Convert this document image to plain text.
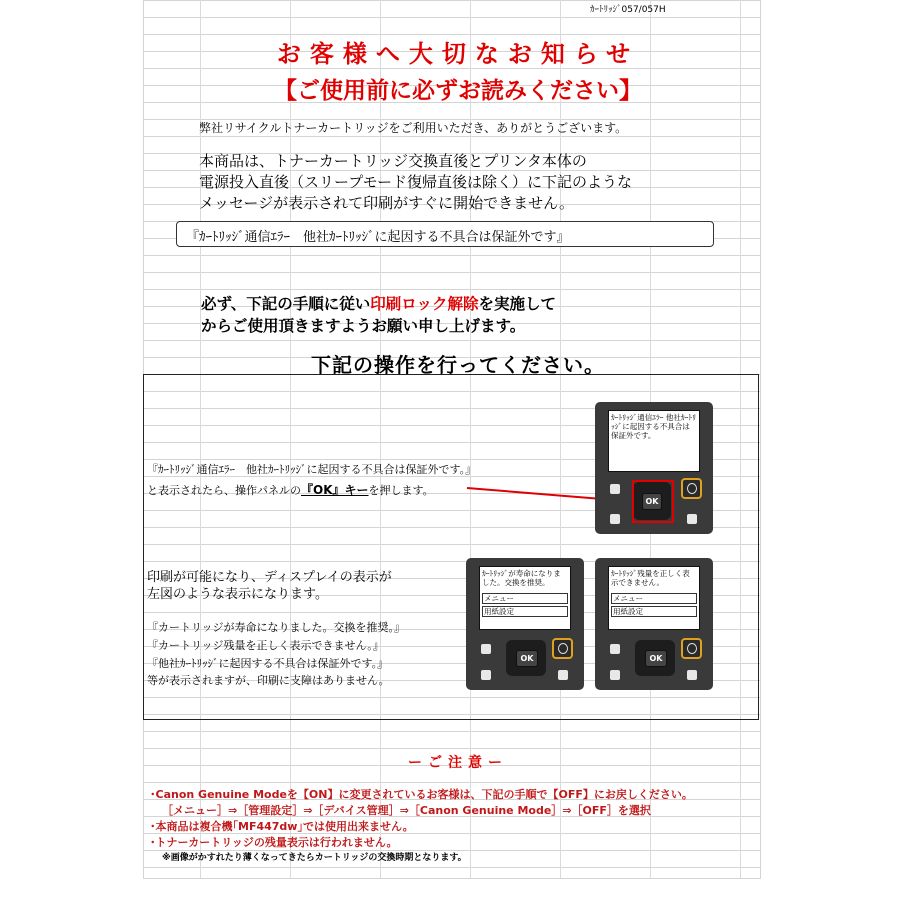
ｶｰﾄﾘｯｼﾞ057/057H
お客様へ大切なお知らせ
【ご使用前に必ずお読みください】
弊社リサイクルトナーカートリッジをご利用いただき、ありがとうございます。
本商品は、トナーカートリッジ交換直後とプリンタ本体の
電源投入直後（スリープモード復帰直後は除く）に下記のような
メッセージが表示されて印刷がすぐに開始できません。
『ｶｰﾄﾘｯｼﾞ通信ｴﾗｰ　他社ｶｰﾄﾘｯｼﾞに起因する不具合は保証外です』
必ず、下記の手順に従い印刷ロック解除を実施して
からご使用頂きますようお願い申し上げます。
下記の操作を行ってください。
『ｶｰﾄﾘｯｼﾞ通信ｴﾗｰ　他社ｶｰﾄﾘｯｼﾞに起因する不具合は保証外です。』
と表示されたら、操作パネルの『OK』キーを押します。
ｶｰﾄﾘｯｼﾞ通信ｴﾗｰ 他社ｶｰﾄﾘｯｼﾞに起因する不具合は保証外です。
OK
印刷が可能になり、ディスプレイの表示が
左図のような表示になります。
『カートリッジが寿命になりました。交換を推奨。』
『カートリッジ残量を正しく表示できません。』
『他社ｶｰﾄﾘｯｼﾞに起因する不具合は保証外です。』
等が表示されますが、印刷に支障はありません。
ｶｰﾄﾘｯｼﾞが寿命になりました。交換を推奨。
メニュー
用紙設定
OK
ｶｰﾄﾘｯｼﾞ残量を正しく表示できません。
メニュー
用紙設定
OK
ーご注意ー
･Canon Genuine Modeを【ON】に変更されているお客様は、下記の手順で【OFF】にお戻しください。
［メニュー］⇒［管理設定］⇒［デバイス管理］⇒［Canon Genuine Mode］⇒［OFF］を選択
･本商品は複合機｢MF447dw｣では使用出来ません。
･トナーカートリッジの残量表示は行われません。
※画像がかすれたり薄くなってきたらカートリッジの交換時期となります。
